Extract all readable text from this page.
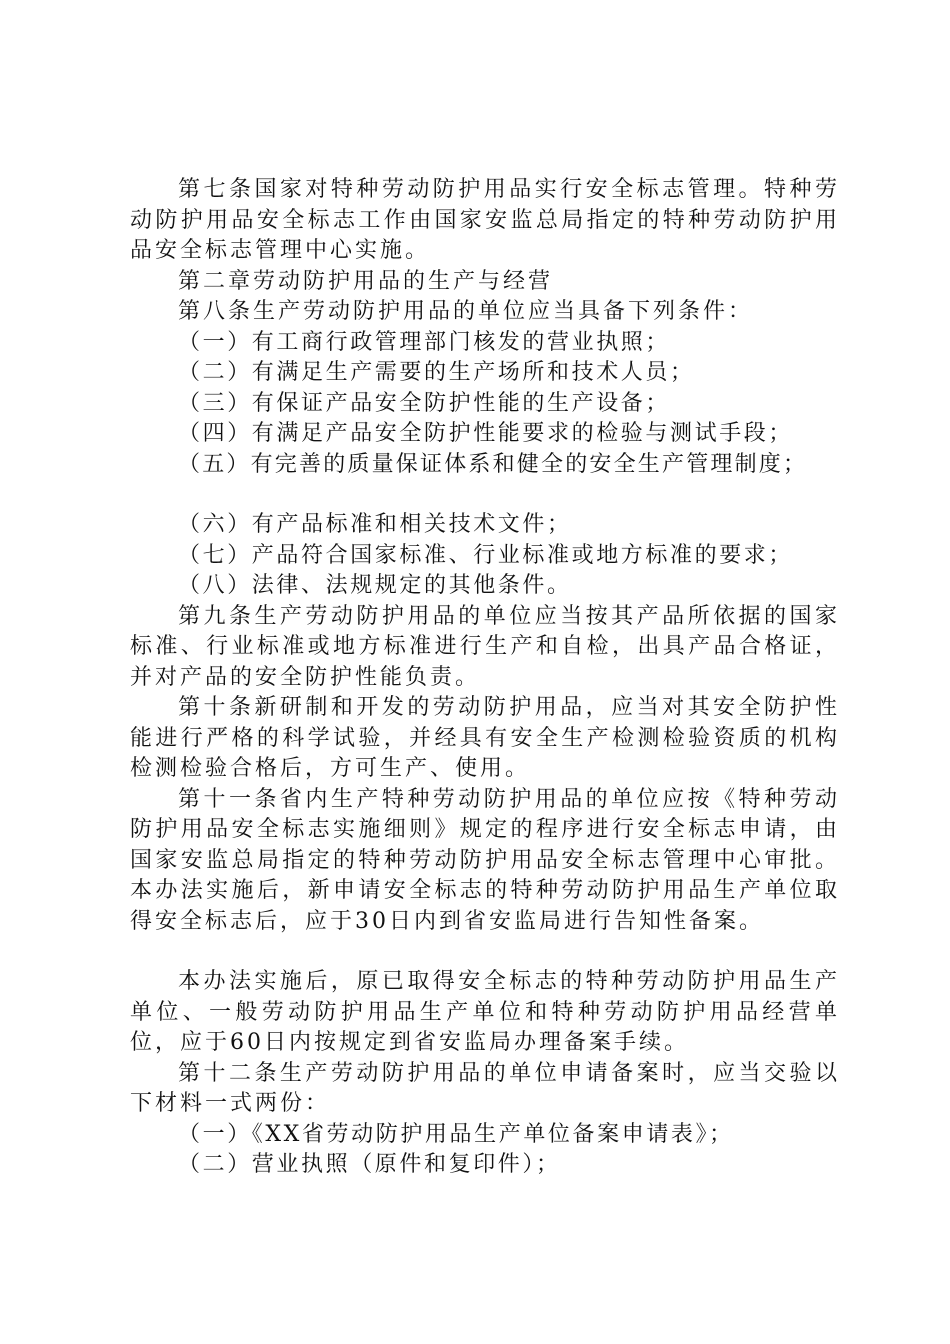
第七条国家对特种劳动防护用品实行安全标志管理。特种劳动防护用品安全标志工作由国家安监总局指定的特种劳动防护用品安全标志管理中心实施。

第二章劳动防护用品的生产与经营

第八条生产劳动防护用品的单位应当具备下列条件：

（一）有工商行政管理部门核发的营业执照；

（二）有满足生产需要的生产场所和技术人员；

（三）有保证产品安全防护性能的生产设备；

（四）有满足产品安全防护性能要求的检验与测试手段；

（五）有完善的质量保证体系和健全的安全生产管理制度；

（六）有产品标准和相关技术文件；

（七）产品符合国家标准、行业标准或地方标准的要求；

（八）法律、法规规定的其他条件。

第九条生产劳动防护用品的单位应当按其产品所依据的国家标准、行业标准或地方标准进行生产和自检，出具产品合格证，并对产品的安全防护性能负责。

第十条新研制和开发的劳动防护用品，应当对其安全防护性能进行严格的科学试验，并经具有安全生产检测检验资质的机构检测检验合格后，方可生产、使用。

第十一条省内生产特种劳动防护用品的单位应按《特种劳动防护用品安全标志实施细则》规定的程序进行安全标志申请，由国家安监总局指定的特种劳动防护用品安全标志管理中心审批。本办法实施后，新申请安全标志的特种劳动防护用品生产单位取得安全标志后，应于30日内到省安监局进行告知性备案。

本办法实施后，原已取得安全标志的特种劳动防护用品生产单位、一般劳动防护用品生产单位和特种劳动防护用品经营单位，应于60日内按规定到省安监局办理备案手续。

第十二条生产劳动防护用品的单位申请备案时，应当交验以下材料一式两份：

（一）《XX省劳动防护用品生产单位备案申请表》；

（二）营业执照（原件和复印件）；
